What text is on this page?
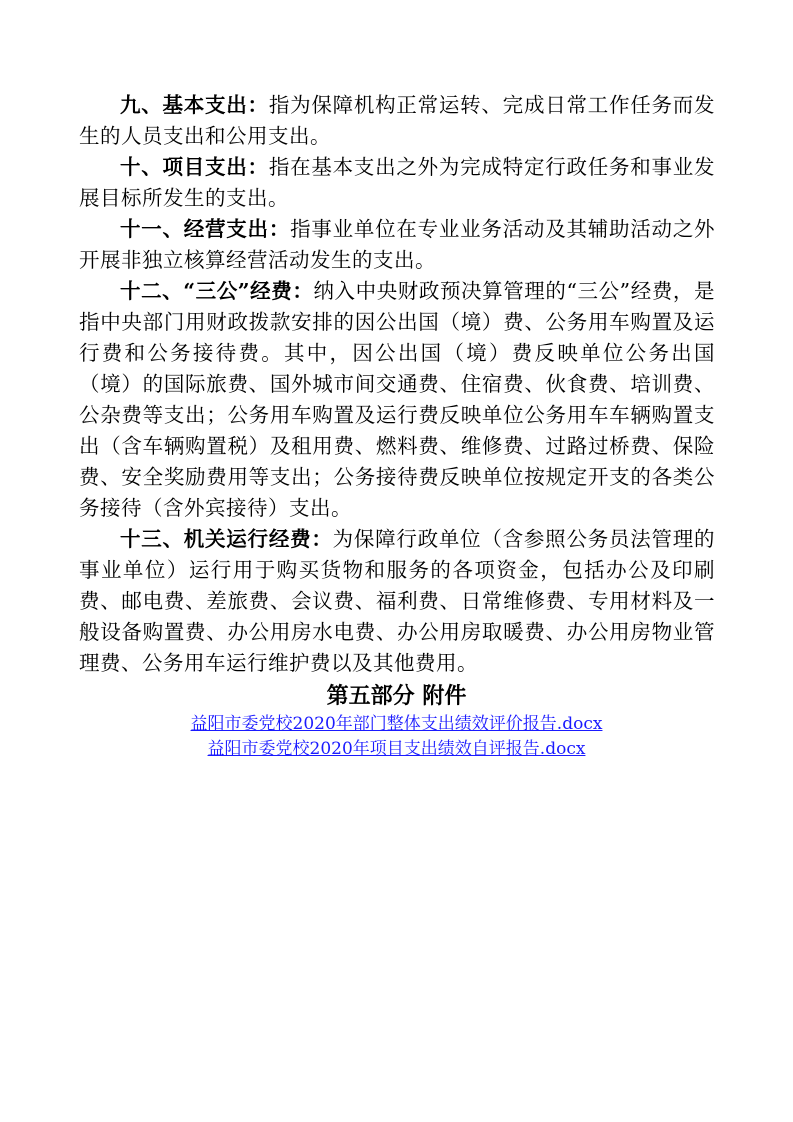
九、基本支出：指为保障机构正常运转、完成日常工作任务而发生的人员支出和公用支出。

十、项目支出：指在基本支出之外为完成特定行政任务和事业发展目标所发生的支出。

十一、经营支出：指事业单位在专业业务活动及其辅助活动之外开展非独立核算经营活动发生的支出。

十二、“三公”经费：纳入中央财政预决算管理的“三公”经费，是指中央部门用财政拨款安排的因公出国（境）费、公务用车购置及运行费和公务接待费。其中，因公出国（境）费反映单位公务出国（境）的国际旅费、国外城市间交通费、住宿费、伙食费、培训费、公杂费等支出；公务用车购置及运行费反映单位公务用车车辆购置支出（含车辆购置税）及租用费、燃料费、维修费、过路过桥费、保险费、安全奖励费用等支出；公务接待费反映单位按规定开支的各类公务接待（含外宾接待）支出。

十三、机关运行经费：为保障行政单位（含参照公务员法管理的事业单位）运行用于购买货物和服务的各项资金，包括办公及印刷费、邮电费、差旅费、会议费、福利费、日常维修费、专用材料及一般设备购置费、办公用房水电费、办公用房取暖费、办公用房物业管理费、公务用车运行维护费以及其他费用。

第五部分 附件
益阳市委党校2020年部门整体支出绩效评价报告.docx
益阳市委党校2020年项目支出绩效自评报告.docx
